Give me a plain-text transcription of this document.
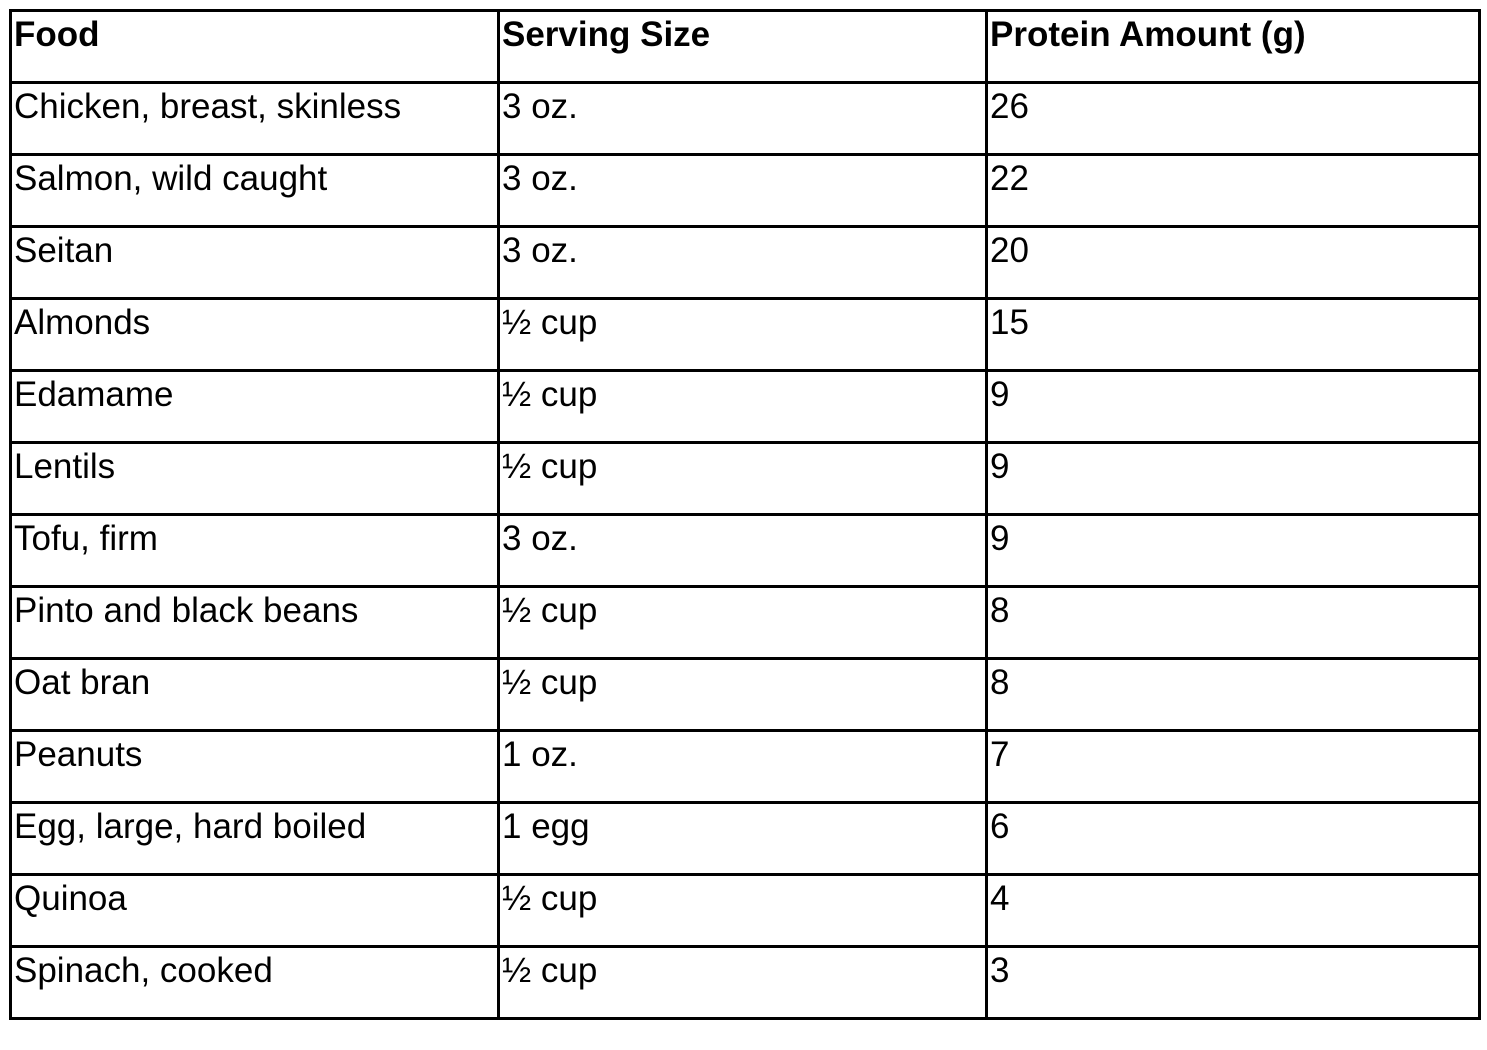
Food	Serving Size	Protein Amount (g)
Chicken, breast, skinless	3 oz.	26
Salmon, wild caught	3 oz.	22
Seitan	3 oz.	20
Almonds	½ cup	15
Edamame	½ cup	9
Lentils	½ cup	9
Tofu, firm	3 oz.	9
Pinto and black beans	½ cup	8
Oat bran	½ cup	8
Peanuts	1 oz.	7
Egg, large, hard boiled	1 egg	6
Quinoa	½ cup	4
Spinach, cooked	½ cup	3
